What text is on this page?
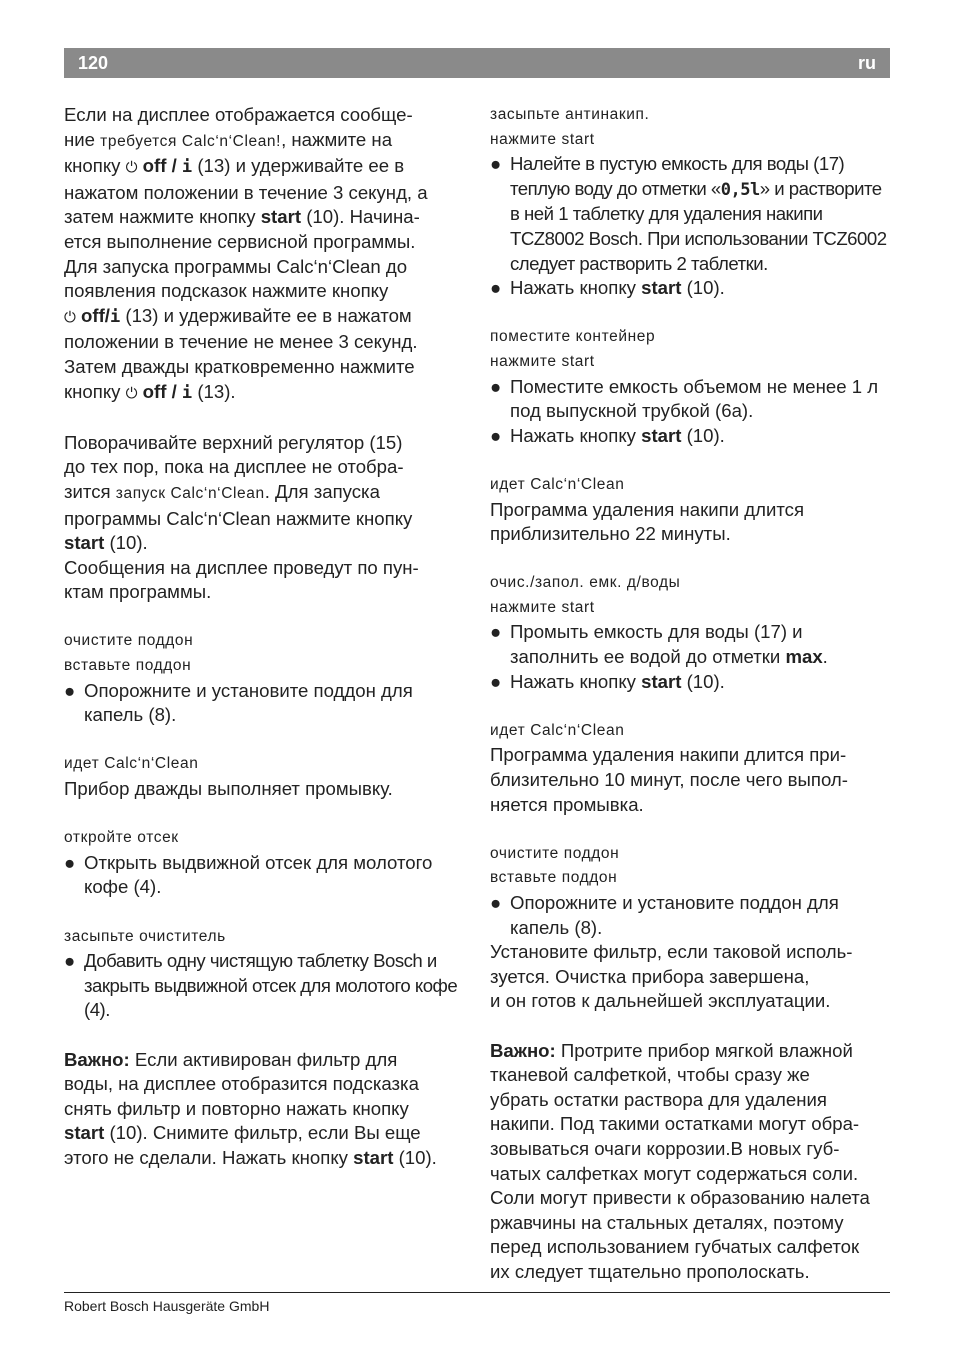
120	ru

Если на дисплее отображается сообще-
ние требуется Calc‘n‘Clean!, нажмите на
кнопку ⏻ off / i (13) и удерживайте ее в
нажатом положении в течение 3 секунд, а
затем нажмите кнопку start (10). Начина-
ется выполнение сервисной программы.
Для запуска программы Calc‘n‘Clean до
появления подсказок нажмите кнопку
⏻ off/i (13) и удерживайте ее в нажатом
положении в течение не менее 3 секунд.
Затем дважды кратковременно нажмите
кнопку ⏻ off / i (13).

Поворачивайте верхний регулятор (15)
до тех пор, пока на дисплее не отобра-
зится запуск Calc‘n‘Clean. Для запуска
программы Calc‘n‘Clean нажмите кнопку
start (10).
Сообщения на дисплее проведут по пун-
ктам программы.

очистите поддон
вставьте поддон
● Опорожните и установите поддон для капель (8).
идет Calc‘n‘Clean

Прибор дважды выполняет промывку.

откройте отсек
● Открыть выдвижной отсек для молотого кофе (4).
засыпьте очиститель
● Добавить одну чистящую таблетку Bosch и закрыть выдвижной отсек для молотого кофе (4).

Важно: Если активирован фильтр для
воды, на дисплее отобразится подсказка
снять фильтр и повторно нажать кнопку
start (10). Снимите фильтр, если Вы еще
этого не сделали. Нажать кнопку start (10).

засыпьте антинакип.
нажмите start
● Налейте в пустую емкость для воды (17) теплую воду до отметки «0,5l» и растворите в ней 1 таблетку для удаления накипи TCZ8002 Bosch. При использовании TCZ6002 следует растворить 2 таблетки.
● Нажать кнопку start (10).
поместите контейнер
нажмите start
● Поместите емкость объемом не менее 1 л под выпускной трубкой (6а).
● Нажать кнопку start (10).
идет Calc‘n‘Clean

Программа удаления накипи длится
приблизительно 22 минуты.

очис./запол. емк. д/воды
нажмите start
● Промыть емкость для воды (17) и заполнить ее водой до отметки max.
● Нажать кнопку start (10).
идет Calc‘n‘Clean

Программа удаления накипи длится при-
близительно 10 минут, после чего выпол-
няется промывка.

очистите поддон
вставьте поддон
● Опорожните и установите поддон для капель (8).

Установите фильтр, если таковой исполь-
зуется. Очистка прибора завершена,
и он готов к дальнейшей эксплуатации.

Важно: Протрите прибор мягкой влажной
тканевой салфеткой, чтобы сразу же
убрать остатки раствора для удаления
накипи. Под такими остатками могут обра-
зовываться очаги коррозии.В новых губ-
чатых салфетках могут содержаться соли.
Соли могут привести к образованию налета
ржавчины на стальных деталях, поэтому
перед использованием губчатых салфеток
их следует тщательно прополоскать.

Robert Bosch Hausgeräte GmbH
